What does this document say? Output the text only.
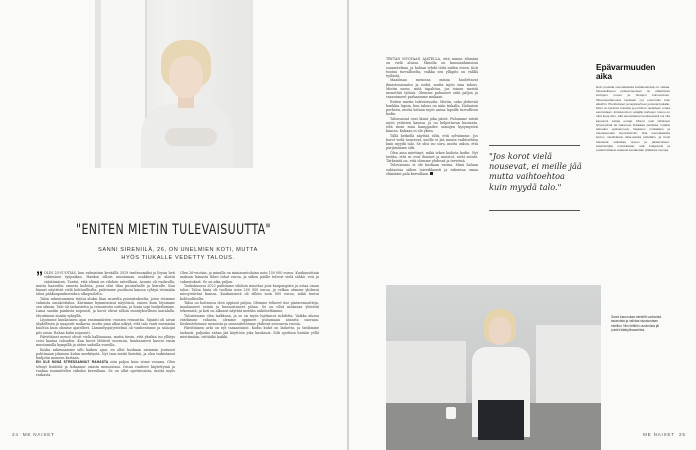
"ENITEN MIETIN TULEVAISUUTTA"
SANNI SIRENIILÄ, 26, ON UNELMIEN KOTI, MUTTA HYÖS TIUKALLE VEDETTY TALOUS.

” OLIN 25-VUOTIAS, kun valmistuin keväällä 2019 tradenomiksi ja löysin heti vakituisen työpaikan. Hankin silloin muutaman osakkeen ja aloitin säästämisen. Tuntui, että elämä on vihdoin raiteillaan. Asunto oli vuokralla, mutta haaveilin omasta kodista, jossa olisi tilaa puutarhalle ja koiralle. Kun hinnat näyttivät vielä kohtuullisilta, päätimme puolisoni kanssa ryhtyä etsimään taloa pääkaupunkiseudun ulkopuolelta.

Talon rakentaminen tuntui aluksi liian suurelta ponnistukselta, joten etsimme valmista omakotitaloa. Kävimme kymmenissä näytöissä, ennen kuin löysimme sen oikean. Talo oli tarkastettu ja remontoitu osittain, ja hinta sopi budjettiimme. Laina saatiin pankista nopeasti, ja korot olivat silloin ennätyksellisen matalalla. Muutimme sisään syksyllä.

Liyoimme kuukausien ajan ensimmäisten vuosien remonttia. Sijainti oli aivan täydellinen ja naapurit mukavia, mutta pian alkoi näkyä, että talo vaati enemmän huoltoa kuin olimme ajatelleet. Lämmitysjärjestelmä oli vanhentunut ja salaojat piti uusia. Rahaa kului nopeasti.

Päivittäiset menot olivat vielä hallinnassa, mutta tiesin, että yksikin iso yllätys voisi kaataa talouden. Kun korot lähtivät nousuun, kuukausierä kasvoi ensin muutamalla kympillä ja sitten sadoilla euroilla.

Koska rakennamme silti kaiken ajan, en ollut koskaan aiemmin joutunut pohtimaan jokaisen kulun merkitystä. Nyt taas meitä kiristää, ja olen tarkistanut budjetin moneen kertaan.

EN OLE NIINÄ STRESSANNUT RAHASTA niin paljon kuin viime vuonna. Olen tehnyt lisätöitä ja leikannut omista menoistani. Ostan vaatteet käytettyinä ja ruokaa suunnittelen viikoksi kerrallaan. Se on ollut opettavaista, mutta myös raskasta.

Olen 26-vuotias, ja minulla on miniasuntolaina noin 150 000 euroa. Kuukausittain maksan lainasta lähes tuhat euroa, ja siihen päälle tulevat vielä sähkö, vesi ja vakuutukset. Se on aika paljon.

Toukokuussa 2022 päätimme vihdoin muuttaa pois kaupungista ja ostaa oman talon. Talon hinta oli tuolloin noin 250 000 euroa, ja velkaa otimme yhdessä miesystäväni kanssa. Kuukausierä oli silloin noin 800 euroa, mikä tuntui kohtuulliselta.

Taloa on hoitaessa olen oppinut paljon. Olemme tehneet itse pintaremontteja, maalanneet seiniä ja kunnostaneet pihaa. Se on ollut mukavaa yhteistä tekemistä, ja koti on alkanut näyttää meidän näköiseltämme.

Tulostamme olen tarkkana, ja se on myös lujittanut suhdetta. Vaikka alussa riitelimme rahasta, olemme oppineet puhumaan asioista suoraan. Keskustelemme menoista ja suunnittelemme yhdessä seuraavia vuosia.

Päivittäinen arki on nyt tasaantunut. Kodin kulut on laskettu, ja tiedämme tarkasti, paljonko rahaa jää käyttöön joka kuukausi. Silti ajoittain herään yöllä miettimään, riittääkö kaikki.

24 ME NAISET

TRYTÄN MYÖYÄÄN AJATELLA, että minun elämäni on vielä alussa. Minulla on kunnianhimoisia suunnitelmia, ja haluan tehdä töitä niiden eteen. Koti tuntuu turvalliselta, vaikka sen ylläpito on välillä työlästä.

Maailman menossa minua huolettavat ilmastonmuutos ja sodat, mutta myös oma talous. Mietin usein, mitä tapahtuu, jos toinen meistä menettää työnsä. Olemme puhuneet siitä paljon ja varautuneet parhaamme mukaan.

Eniten mietin tulevaisuutta. Mietin, onko järkevää hankkia lapsia, kun talous on näin tiukalla. Haluaisin perheen, mutta haluan myös antaa lapsille turvallisen kodin.

Talousasiat ovat läsnä joka päivä. Puhumme niistä myös ystävien kanssa, ja on helpottavaa huomata, että moni muu kamppailee samojen kysymysten kanssa. Kukaan ei ole yksin.

Tällä hetkellä näyttää siltä, että selviämme. Jos korot vielä nousevat, meille ei jää muuta vaihtoehtoa kuin myydä talo. Se olisi iso suru, mutta uskon, että pärjäisimme silti.

Olen aina miettinyt, mikä tekee kodista kodin. Nyt tiedän, että se ovat ihmiset ja muistot, eivät seinät. Tärkeintä on, että olemme yhdessä ja terveinä.

Tulevaisuus ei ole koskaan varma. Minä haluan suhtautua siihen toiveikkaasti ja rakentaa omaa elämääni pala kerrallaan.

"Jos korot vielä nousevat, ei meille jää mutta vaihtoehtoa kuin myydä talo."
Epävarmuuden aika
Noin puolella suomalaisista kotitalouksista on velkaa. Taloudelliseen epävarmuuteen on vaikuttanut korkojen nousu ja hintojen kohoaminen. Talousluottamusta tarvitaan nyt enemmän kuin aikoihin. Pienituloiset ja lapsiperheet joutuvat tiukalle. Moni on karsinut kuluista ja pohtinut uudelleen omaa asumistaan. Ensiasunnon ostajille korkojen nousu on ollut kova isku, sillä asuntolainan kuukausierä voi olla kasvanut satoja euroja. Monet ovat siirtäneet lyhennyksiä tai hakeneet lisäaikaa pankista. Lisäksi talouden epävarmuus heijastuu mielialaan ja tulevaisuuden suunnitelmiin. Osa suomalaisista kertoo miettivänsä raha-asioita päivittäin, ja huoli tulevasta vaikuttaa uneen ja jaksamiseen. Asiantuntijat muistuttavat, että budjetointi ja puskurirahasto auttavat kestämään yllättäviä menoja.
Sanni kaunoutaa mielellä vanhoista tavaroista ja vaihtaa sisustustaan mieliksi. Niin keittiön uusinnista jäi puolet käsityöhaaveista.
ME NAISET 25
